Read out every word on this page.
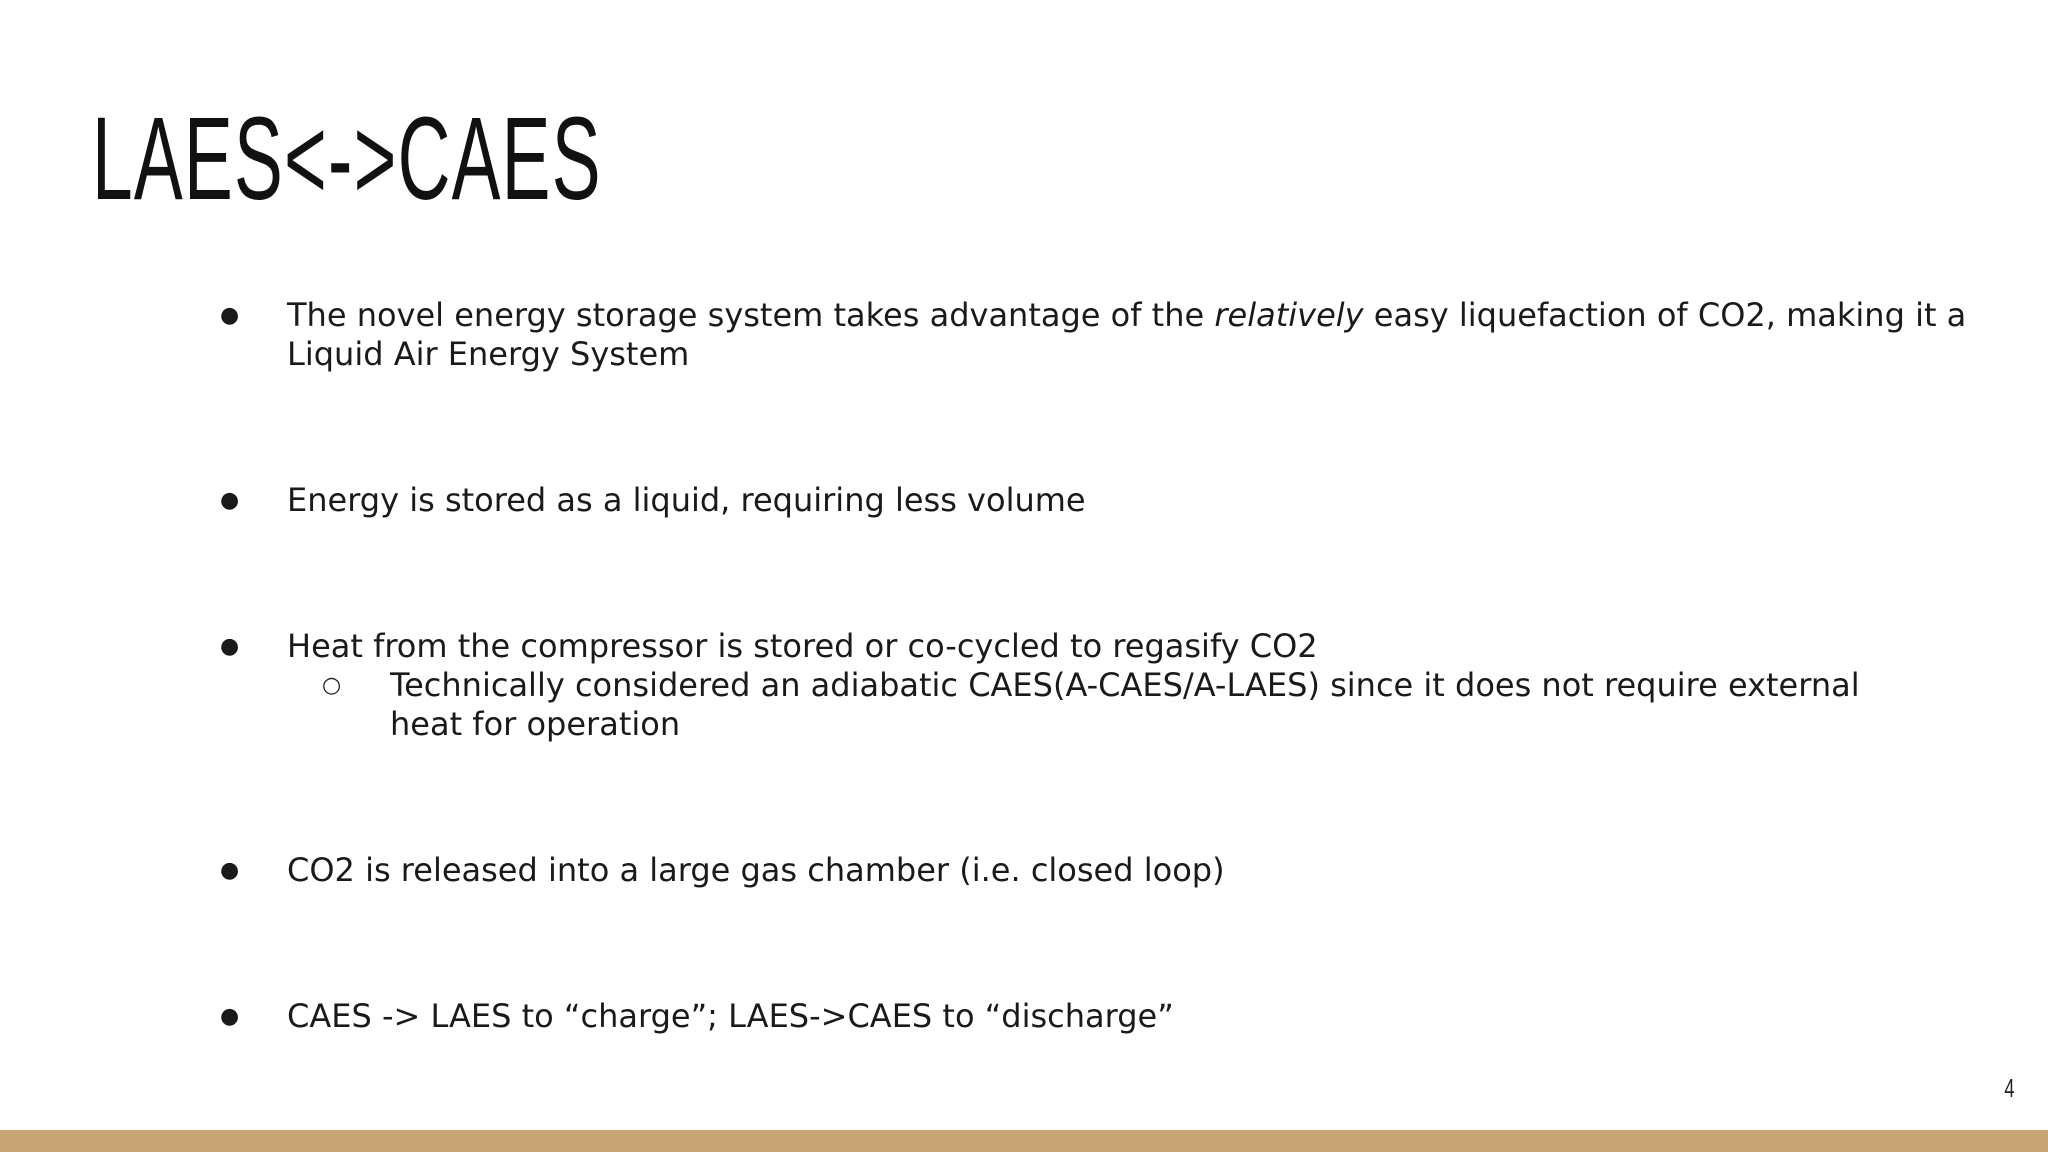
LAES<->CAES
● The novel energy storage system takes advantage of the relatively easy liquefaction of CO2, making it a
Liquid Air Energy System
● Energy is stored as a liquid, requiring less volume
● Heat from the compressor is stored or co-cycled to regasify CO2
○ Technically considered an adiabatic CAES(A-CAES/A-LAES) since it does not require external
heat for operation
● CO2 is released into a large gas chamber (i.e. closed loop)
● CAES -> LAES to “charge”; LAES->CAES to “discharge”
4
